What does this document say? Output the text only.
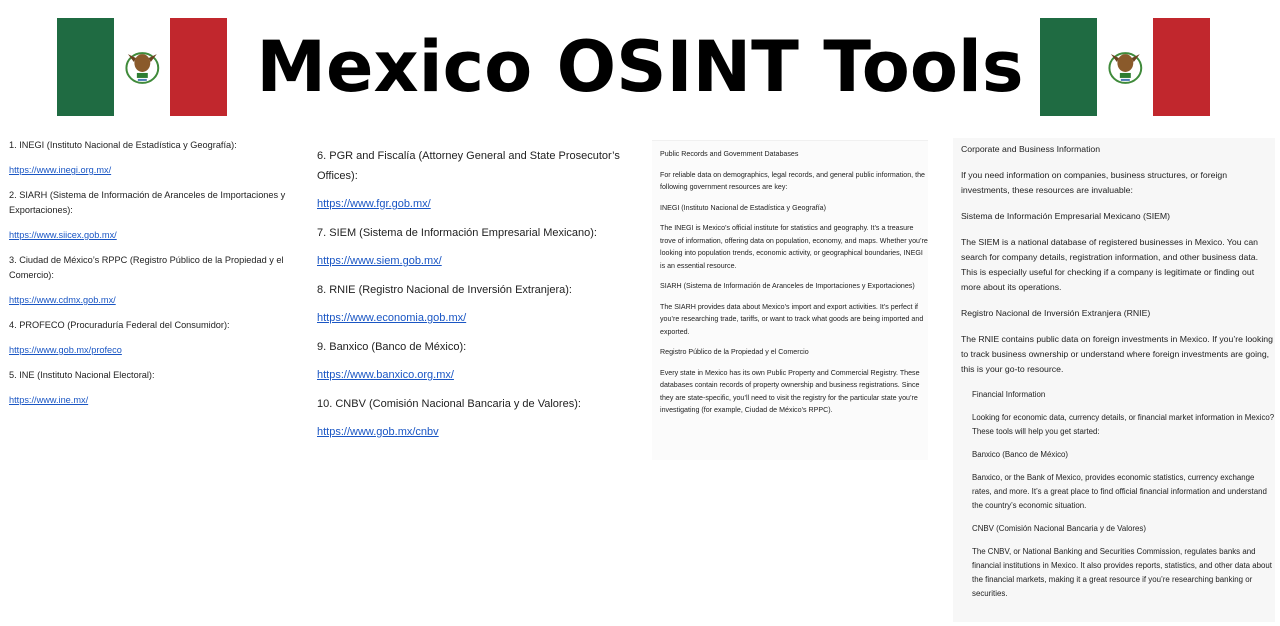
Mexico OSINT Tools

1. INEGI (Instituto Nacional de Estadística y Geografía):

https://www.inegi.org.mx/

2. SIARH (Sistema de Información de Aranceles de Importaciones y Exportaciones):

https://www.siicex.gob.mx/

3. Ciudad de México’s RPPC (Registro Público de la Propiedad y el Comercio):

https://www.cdmx.gob.mx/

4. PROFECO (Procuraduría Federal del Consumidor):

https://www.gob.mx/profeco

5. INE (Instituto Nacional Electoral):

https://www.ine.mx/

6. PGR and Fiscalía (Attorney General and State Prosecutor’s Offices):

https://www.fgr.gob.mx/

7. SIEM (Sistema de Información Empresarial Mexicano):

https://www.siem.gob.mx/

8. RNIE (Registro Nacional de Inversión Extranjera):

https://www.economia.gob.mx/

9. Banxico (Banco de México):

https://www.banxico.org.mx/

10. CNBV (Comisión Nacional Bancaria y de Valores):

https://www.gob.mx/cnbv

Public Records and Government Databases

For reliable data on demographics, legal records, and general public information, the following government resources are key:

INEGI (Instituto Nacional de Estadística y Geografía)

The INEGI is Mexico’s official institute for statistics and geography. It’s a treasure trove of information, offering data on population, economy, and maps. Whether you’re looking into population trends, economic activity, or geographical boundaries, INEGI is an essential resource.

SIARH (Sistema de Información de Aranceles de Importaciones y Exportaciones)

The SIARH provides data about Mexico’s import and export activities. It’s perfect if you’re researching trade, tariffs, or want to track what goods are being imported and exported.

Registro Público de la Propiedad y el Comercio

Every state in Mexico has its own Public Property and Commercial Registry. These databases contain records of property ownership and business registrations. Since they are state-specific, you’ll need to visit the registry for the particular state you’re investigating (for example, Ciudad de México’s RPPC).

Corporate and Business Information

If you need information on companies, business structures, or foreign investments, these resources are invaluable:

Sistema de Información Empresarial Mexicano (SIEM)

The SIEM is a national database of registered businesses in Mexico. You can search for company details, registration information, and other business data. This is especially useful for checking if a company is legitimate or finding out more about its operations.

Registro Nacional de Inversión Extranjera (RNIE)

The RNIE contains public data on foreign investments in Mexico. If you’re looking to track business ownership or understand where foreign investments are going, this is your go-to resource.

Financial Information

Looking for economic data, currency details, or financial market information in Mexico? These tools will help you get started:

Banxico (Banco de México)

Banxico, or the Bank of Mexico, provides economic statistics, currency exchange rates, and more. It’s a great place to find official financial information and understand the country’s economic situation.

CNBV (Comisión Nacional Bancaria y de Valores)

The CNBV, or National Banking and Securities Commission, regulates banks and financial institutions in Mexico. It also provides reports, statistics, and other data about the financial markets, making it a great resource if you’re researching banking or securities.
